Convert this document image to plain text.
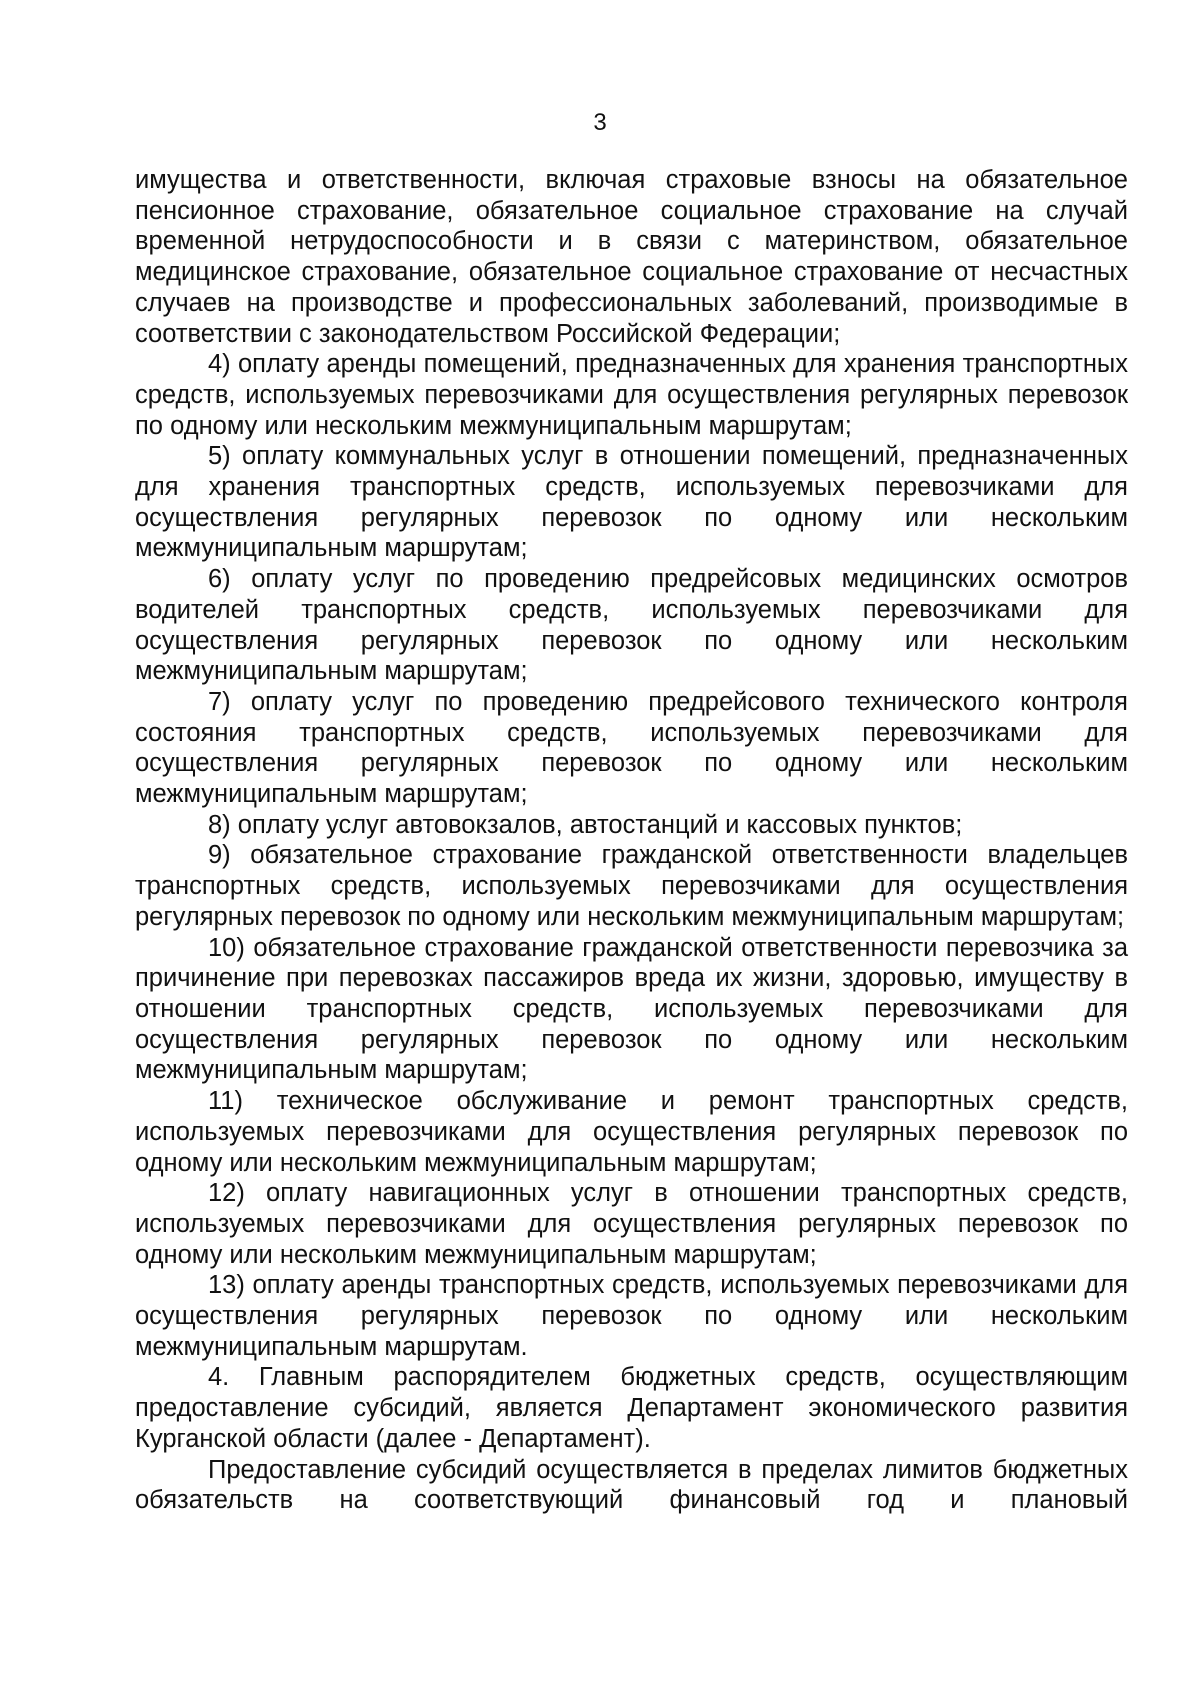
3

имущества и ответственности, включая страховые взносы на обязательное пенсионное страхование, обязательное социальное страхование на случай временной нетрудоспособности и в связи с материнством, обязательное медицинское страхование, обязательное социальное страхование от несчастных случаев на производстве и профессиональных заболеваний, производимые в соответствии с законодательством Российской Федерации;

4) оплату аренды помещений, предназначенных для хранения транспортных средств, используемых перевозчиками для осуществления регулярных перевозок по одному или нескольким межмуниципальным маршрутам;

5) оплату коммунальных услуг в отношении помещений, предназначенных для хранения транспортных средств, используемых перевозчиками для осуществления регулярных перевозок по одному или нескольким межмуниципальным маршрутам;

6) оплату услуг по проведению предрейсовых медицинских осмотров водителей транспортных средств, используемых перевозчиками для осуществления регулярных перевозок по одному или нескольким межмуниципальным маршрутам;

7) оплату услуг по проведению предрейсового технического контроля состояния транспортных средств, используемых перевозчиками для осуществления регулярных перевозок по одному или нескольким межмуниципальным маршрутам;

8) оплату услуг автовокзалов, автостанций и кассовых пунктов;

9) обязательное страхование гражданской ответственности владельцев транспортных средств, используемых перевозчиками для осуществления регулярных перевозок по одному или нескольким межмуниципальным маршрутам;

10) обязательное страхование гражданской ответственности перевозчика за причинение при перевозках пассажиров вреда их жизни, здоровью, имуществу в отношении транспортных средств, используемых перевозчиками для осуществления регулярных перевозок по одному или нескольким межмуниципальным маршрутам;

11) техническое обслуживание и ремонт транспортных средств, используемых перевозчиками для осуществления регулярных перевозок по одному или нескольким межмуниципальным маршрутам;

12) оплату навигационных услуг в отношении транспортных средств, используемых перевозчиками для осуществления регулярных перевозок по одному или нескольким межмуниципальным маршрутам;

13) оплату аренды транспортных средств, используемых перевозчиками для осуществления регулярных перевозок по одному или нескольким межмуниципальным маршрутам.

4. Главным распорядителем бюджетных средств, осуществляющим предоставление субсидий, является Департамент экономического развития Курганской области (далее - Департамент).

Предоставление субсидий осуществляется в пределах лимитов бюджетных обязательств на соответствующий финансовый год и плановый
